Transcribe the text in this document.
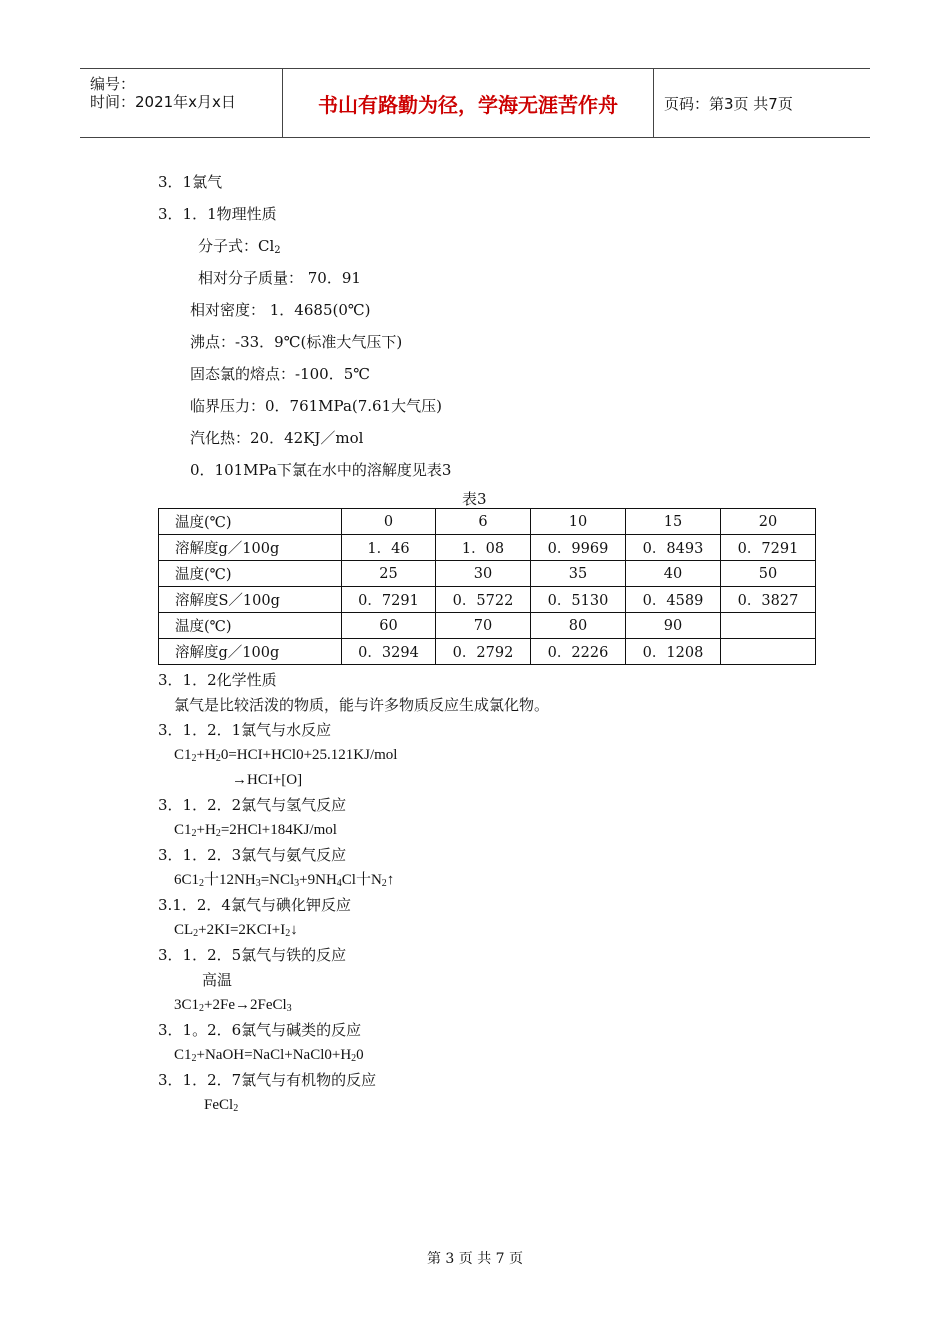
编号：
时间：2021年x月x日	书山有路勤为径，学海无涯苦作舟	页码：第3页 共7页
3．1氯气
3．1．1物理性质
分子式：$Cl_2$
相对分子质量： 70．91
相对密度： 1．4685(0℃)
沸点：-33．9℃(标准大气压下)
固态氯的熔点：-100．5℃
临界压力：0．761MPa(7.61大气压)
汽化热：20．42KJ／mol
0．101MPa下氯在水中的溶解度见表3
表3
温度(℃)	0	6	10	15	20
溶解度g／100g	1．46	1．08	0．9969	0．8493	0．7291
温度(℃)	25	30	35	40	50
溶解度S／100g	0．7291	0．5722	0．5130	0．4589	0．3827
温度(℃)	60	70	80	90	
溶解度g／100g	0．3294	0．2792	0．2226	0．1208	
3．1．2化学性质
氯气是比较活泼的物质，能与许多物质反应生成氯化物。
3．1．2．1氯气与水反应
$C1_2+H_20=HCI+HCl0+25.121KJ$/mol
→HCI+[O]
3．1．2．2氯气与氢气反应
$C1_2+H_2=2HCl+184KJ$/mol
3．1．2．3氯气与氨气反应
$6C1_2$十$12NH_3=NCl_3+9NH_4Cl$十$N_2↑$
3.1．2．4氯气与碘化钾反应
$CL_2+2KI=2KCI+I_2↓$
3．1．2．5氯气与铁的反应
高温
$3C1_2+2Fe\to 2FeCl_3$
3．1。2．6氯气与碱类的反应
$C1_2+NaOH=NaCl+NaCl0+H_20$
3．1．2．7氯气与有机物的反应
FeCl$_2$
第 3 页 共 7 页
